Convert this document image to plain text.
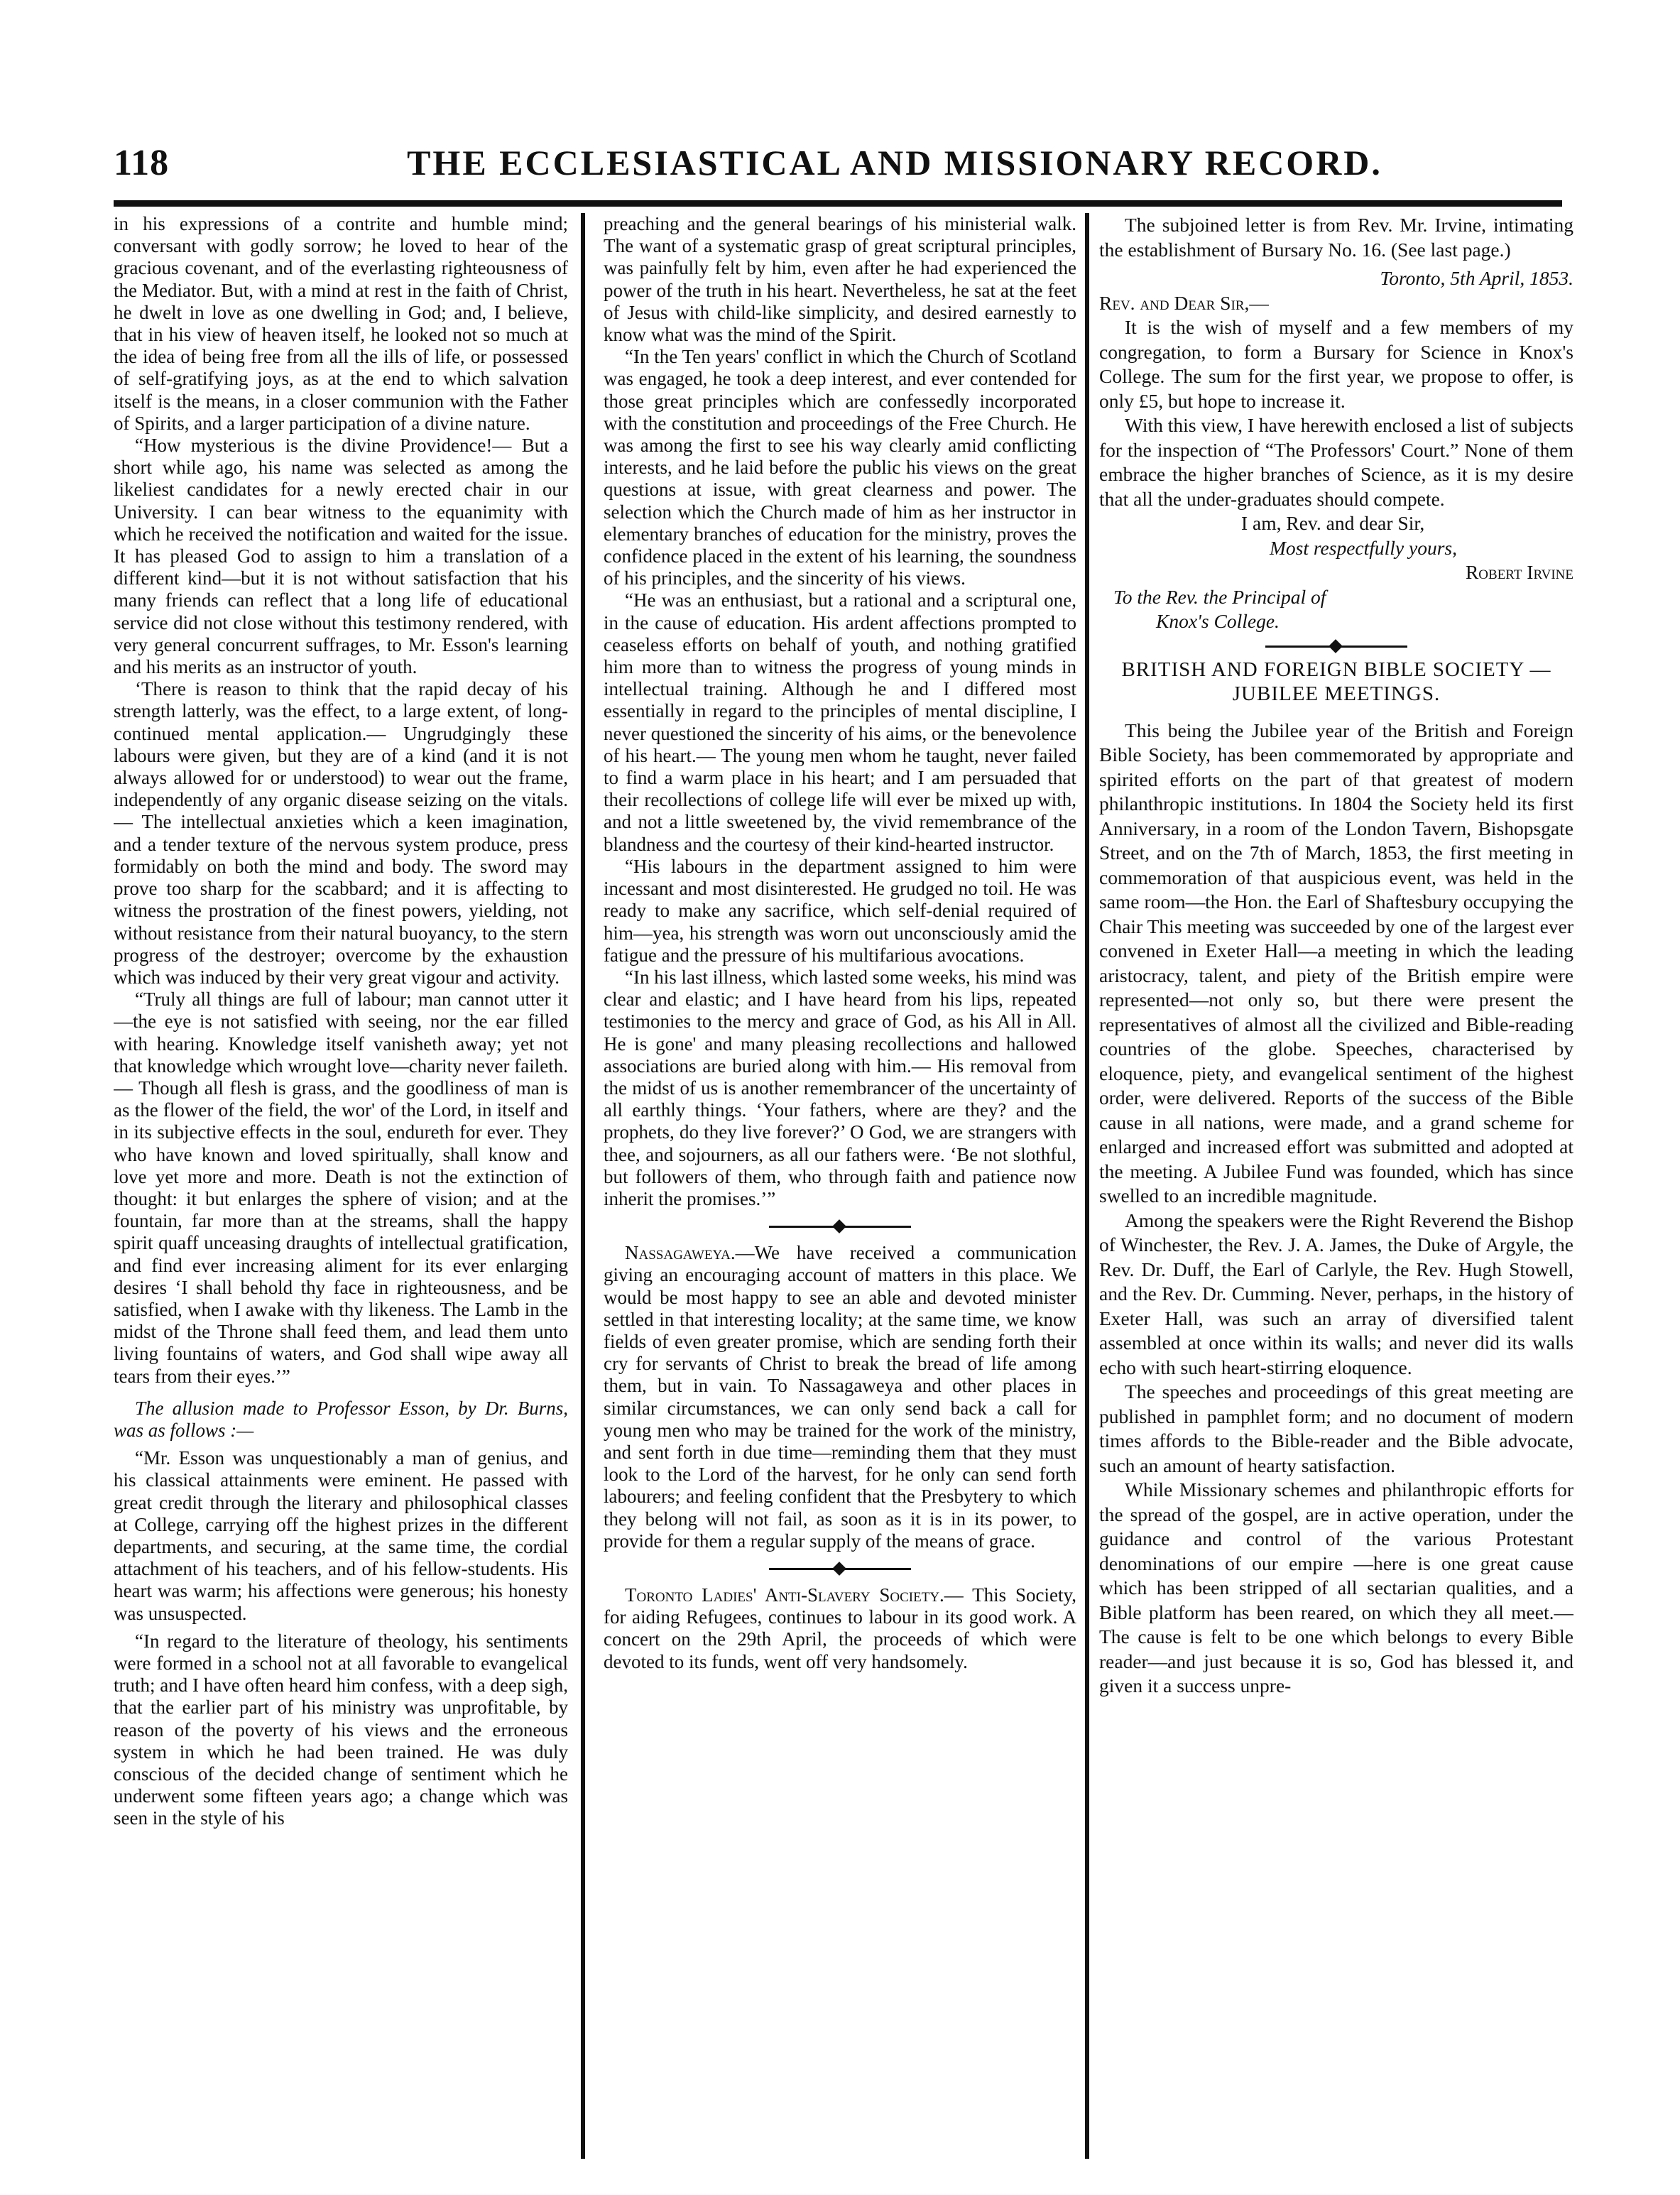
118	THE ECCLESIASTICAL AND MISSIONARY RECORD.

in his expressions of a contrite and humble mind; conversant with godly sorrow; he loved to hear of the gracious covenant, and of the everlasting righteousness of the Mediator. But, with a mind at rest in the faith of Christ, he dwelt in love as one dwelling in God; and, I believe, that in his view of heaven itself, he looked not so much at the idea of being free from all the ills of life, or possessed of self-gratifying joys, as at the end to which salvation itself is the means, in a closer communion with the Father of Spirits, and a larger participation of a divine nature.

“How mysterious is the divine Providence!— But a short while ago, his name was selected as among the likeliest candidates for a newly erected chair in our University. I can bear witness to the equanimity with which he received the notification and waited for the issue. It has pleased God to assign to him a translation of a different kind—but it is not without satisfaction that his many friends can reflect that a long life of educational service did not close without this testimony rendered, with very general concurrent suffrages, to Mr. Esson's learning and his merits as an instructor of youth.

‘There is reason to think that the rapid decay of his strength latterly, was the effect, to a large extent, of long-continued mental application.— Ungrudgingly these labours were given, but they are of a kind (and it is not always allowed for or understood) to wear out the frame, independently of any organic disease seizing on the vitals.— The intellectual anxieties which a keen imagination, and a tender texture of the nervous system produce, press formidably on both the mind and body. The sword may prove too sharp for the scabbard; and it is affecting to witness the prostration of the finest powers, yielding, not without resistance from their natural buoyancy, to the stern progress of the destroyer; overcome by the exhaustion which was induced by their very great vigour and activity.

“Truly all things are full of labour; man cannot utter it—the eye is not satisfied with seeing, nor the ear filled with hearing. Knowledge itself vanisheth away; yet not that knowledge which wrought love—charity never faileth.— Though all flesh is grass, and the goodliness of man is as the flower of the field, the wor' of the Lord, in itself and in its subjective effects in the soul, endureth for ever. They who have known and loved spiritually, shall know and love yet more and more. Death is not the extinction of thought: it but enlarges the sphere of vision; and at the fountain, far more than at the streams, shall the happy spirit quaff unceasing draughts of intellectual gratification, and find ever increasing aliment for its ever enlarging desires ‘I shall behold thy face in righteousness, and be satisfied, when I awake with thy likeness. The Lamb in the midst of the Throne shall feed them, and lead them unto living fountains of waters, and God shall wipe away all tears from their eyes.’”

The allusion made to Professor Esson, by Dr. Burns, was as follows :—

“Mr. Esson was unquestionably a man of genius, and his classical attainments were eminent. He passed with great credit through the literary and philosophical classes at College, carrying off the highest prizes in the different departments, and securing, at the same time, the cordial attachment of his teachers, and of his fellow-students. His heart was warm; his affections were generous; his honesty was unsuspected.

“In regard to the literature of theology, his sentiments were formed in a school not at all favorable to evangelical truth; and I have often heard him confess, with a deep sigh, that the earlier part of his ministry was unprofitable, by reason of the poverty of his views and the erroneous system in which he had been trained. He was duly conscious of the decided change of sentiment which he underwent some fifteen years ago; a change which was seen in the style of his

preaching and the general bearings of his ministerial walk. The want of a systematic grasp of great scriptural principles, was painfully felt by him, even after he had experienced the power of the truth in his heart. Nevertheless, he sat at the feet of Jesus with child-like simplicity, and desired earnestly to know what was the mind of the Spirit.

“In the Ten years' conflict in which the Church of Scotland was engaged, he took a deep interest, and ever contended for those great principles which are confessedly incorporated with the constitution and proceedings of the Free Church. He was among the first to see his way clearly amid conflicting interests, and he laid before the public his views on the great questions at issue, with great clearness and power. The selection which the Church made of him as her instructor in elementary branches of education for the ministry, proves the confidence placed in the extent of his learning, the soundness of his principles, and the sincerity of his views.

“He was an enthusiast, but a rational and a scriptural one, in the cause of education. His ardent affections prompted to ceaseless efforts on behalf of youth, and nothing gratified him more than to witness the progress of young minds in intellectual training. Although he and I differed most essentially in regard to the principles of mental discipline, I never questioned the sincerity of his aims, or the benevolence of his heart.— The young men whom he taught, never failed to find a warm place in his heart; and I am persuaded that their recollections of college life will ever be mixed up with, and not a little sweetened by, the vivid remembrance of the blandness and the courtesy of their kind-hearted instructor.

“His labours in the department assigned to him were incessant and most disinterested. He grudged no toil. He was ready to make any sacrifice, which self-denial required of him—yea, his strength was worn out unconsciously amid the fatigue and the pressure of his multifarious avocations.

“In his last illness, which lasted some weeks, his mind was clear and elastic; and I have heard from his lips, repeated testimonies to the mercy and grace of God, as his All in All. He is gone' and many pleasing recollections and hallowed associations are buried along with him.— His removal from the midst of us is another remembrancer of the uncertainty of all earthly things. ‘Your fathers, where are they? and the prophets, do they live forever?’ O God, we are strangers with thee, and sojourners, as all our fathers were. ‘Be not slothful, but followers of them, who through faith and patience now inherit the promises.’”

Nassagaweya.—We have received a communication giving an encouraging account of matters in this place. We would be most happy to see an able and devoted minister settled in that interesting locality; at the same time, we know fields of even greater promise, which are sending forth their cry for servants of Christ to break the bread of life among them, but in vain. To Nassagaweya and other places in similar circumstances, we can only send back a call for young men who may be trained for the work of the ministry, and sent forth in due time—reminding them that they must look to the Lord of the harvest, for he only can send forth labourers; and feeling confident that the Presbytery to which they belong will not fail, as soon as it is in its power, to provide for them a regular supply of the means of grace.

Toronto Ladies' Anti-Slavery Society.— This Society, for aiding Refugees, continues to labour in its good work. A concert on the 29th April, the proceeds of which were devoted to its funds, went off very handsomely.

The subjoined letter is from Rev. Mr. Irvine, intimating the establishment of Bursary No. 16. (See last page.)

Toronto, 5th April, 1853.

Rev. and Dear Sir,—

It is the wish of myself and a few members of my congregation, to form a Bursary for Science in Knox's College. The sum for the first year, we propose to offer, is only £5, but hope to increase it.

With this view, I have herewith enclosed a list of subjects for the inspection of “The Professors' Court.” None of them embrace the higher branches of Science, as it is my desire that all the under-graduates should compete.

I am, Rev. and dear Sir,

Most respectfully yours,

Robert Irvine

To the Rev. the Principal of

Knox's College.

BRITISH AND FOREIGN BIBLE SOCIETY —JUBILEE MEETINGS.

This being the Jubilee year of the British and Foreign Bible Society, has been commemorated by appropriate and spirited efforts on the part of that greatest of modern philanthropic institutions. In 1804 the Society held its first Anniversary, in a room of the London Tavern, Bishopsgate Street, and on the 7th of March, 1853, the first meeting in commemoration of that auspicious event, was held in the same room—the Hon. the Earl of Shaftesbury occupying the Chair This meeting was succeeded by one of the largest ever convened in Exeter Hall—a meeting in which the leading aristocracy, talent, and piety of the British empire were represented—not only so, but there were present the representatives of almost all the civilized and Bible-reading countries of the globe. Speeches, characterised by eloquence, piety, and evangelical sentiment of the highest order, were delivered. Reports of the success of the Bible cause in all nations, were made, and a grand scheme for enlarged and increased effort was submitted and adopted at the meeting. A Jubilee Fund was founded, which has since swelled to an incredible magnitude.

Among the speakers were the Right Reverend the Bishop of Winchester, the Rev. J. A. James, the Duke of Argyle, the Rev. Dr. Duff, the Earl of Carlyle, the Rev. Hugh Stowell, and the Rev. Dr. Cumming. Never, perhaps, in the history of Exeter Hall, was such an array of diversified talent assembled at once within its walls; and never did its walls echo with such heart-stirring eloquence.

The speeches and proceedings of this great meeting are published in pamphlet form; and no document of modern times affords to the Bible-reader and the Bible advocate, such an amount of hearty satisfaction.

While Missionary schemes and philanthropic efforts for the spread of the gospel, are in active operation, under the guidance and control of the various Protestant denominations of our empire —here is one great cause which has been stripped of all sectarian qualities, and a Bible platform has been reared, on which they all meet.— The cause is felt to be one which belongs to every Bible reader—and just because it is so, God has blessed it, and given it a success unpre-
